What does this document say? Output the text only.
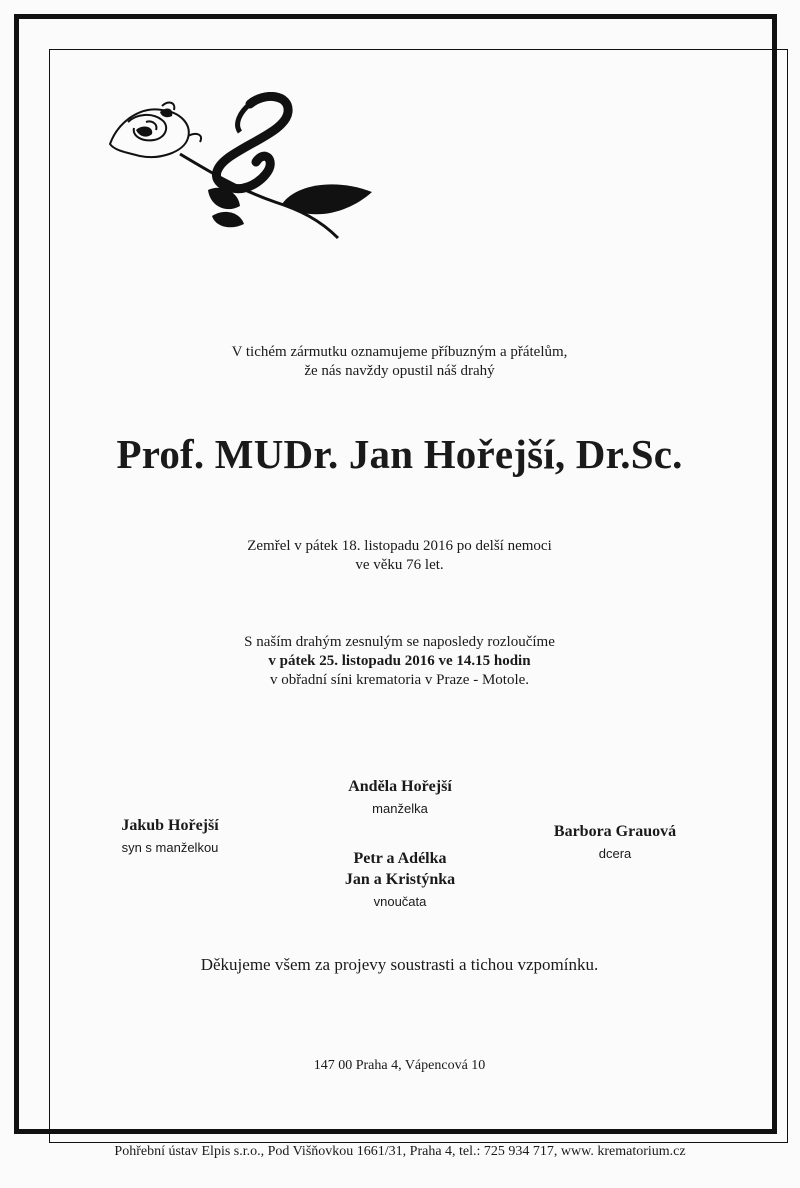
V tichém zármutku oznamujeme příbuzným a přátelům,
že nás navždy opustil náš drahý
Prof. MUDr. Jan Hořejší, Dr.Sc.
Zemřel v pátek 18. listopadu 2016 po delší nemoci
ve věku 76 let.
S naším drahým zesnulým se naposledy rozloučíme
v pátek 25. listopadu 2016 ve 14.15 hodin
v obřadní síni krematoria v Praze - Motole.
Anděla Hořejší
manželka
Jakub Hořejší
syn s manželkou
Barbora Grauová
dcera
Petr a Adélka
Jan a Kristýnka
vnoučata
Děkujeme všem za projevy soustrasti a tichou vzpomínku.
147 00 Praha 4, Vápencová 10
Pohřební ústav Elpis s.r.o., Pod Višňovkou 1661/31, Praha 4, tel.: 725 934 717, www. krematorium.cz
